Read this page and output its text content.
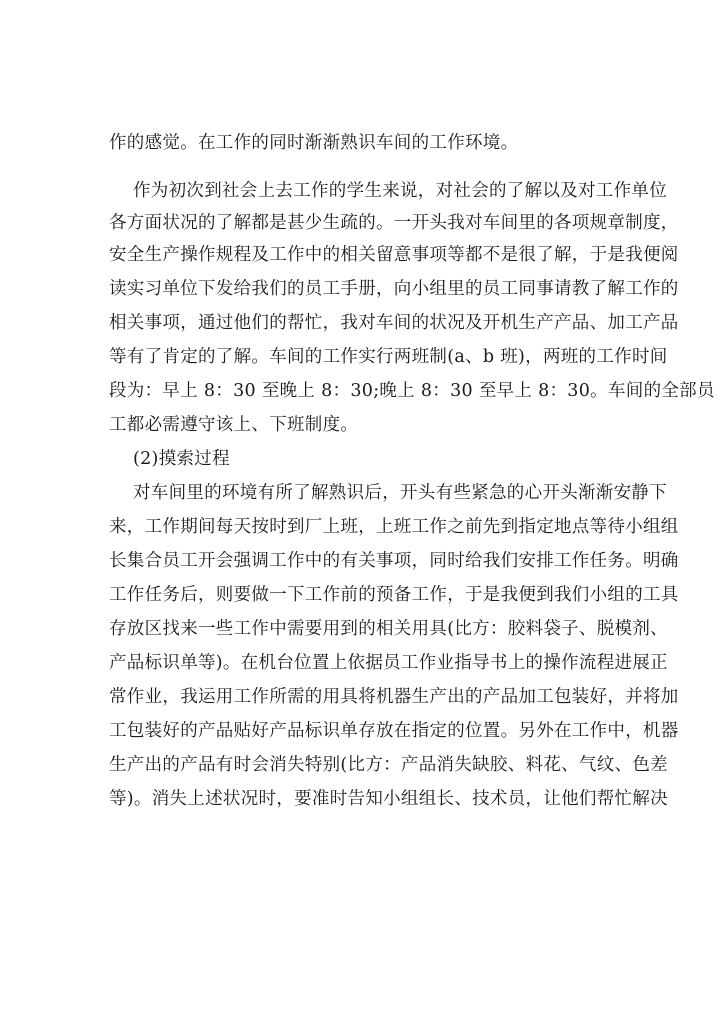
作的感觉。在工作的同时渐渐熟识车间的工作环境。
作为初次到社会上去工作的学生来说，对社会的了解以及对工作单位
各方面状况的了解都是甚少生疏的。一开头我对车间里的各项规章制度，
安全生产操作规程及工作中的相关留意事项等都不是很了解，于是我便阅
读实习单位下发给我们的员工手册，向小组里的员工同事请教了解工作的
相关事项，通过他们的帮忙，我对车间的状况及开机生产产品、加工产品
等有了肯定的了解。车间的工作实行两班制(a、b 班)，两班的工作时间
段为：早上 8：30 至晚上 8：30;晚上 8：30 至早上 8：30。车间的全部员
工都必需遵守该上、下班制度。
(2)摸索过程
对车间里的环境有所了解熟识后，开头有些紧急的心开头渐渐安静下
来，工作期间每天按时到厂上班，上班工作之前先到指定地点等待小组组
长集合员工开会强调工作中的有关事项，同时给我们安排工作任务。明确
工作任务后，则要做一下工作前的预备工作，于是我便到我们小组的工具
存放区找来一些工作中需要用到的相关用具(比方：胶料袋子、脱模剂、
产品标识单等)。在机台位置上依据员工作业指导书上的操作流程进展正
常作业，我运用工作所需的用具将机器生产出的产品加工包装好，并将加
工包装好的产品贴好产品标识单存放在指定的位置。另外在工作中，机器
生产出的产品有时会消失特别(比方：产品消失缺胶、料花、气纹、色差
等)。消失上述状况时，要准时告知小组组长、技术员，让他们帮忙解决
